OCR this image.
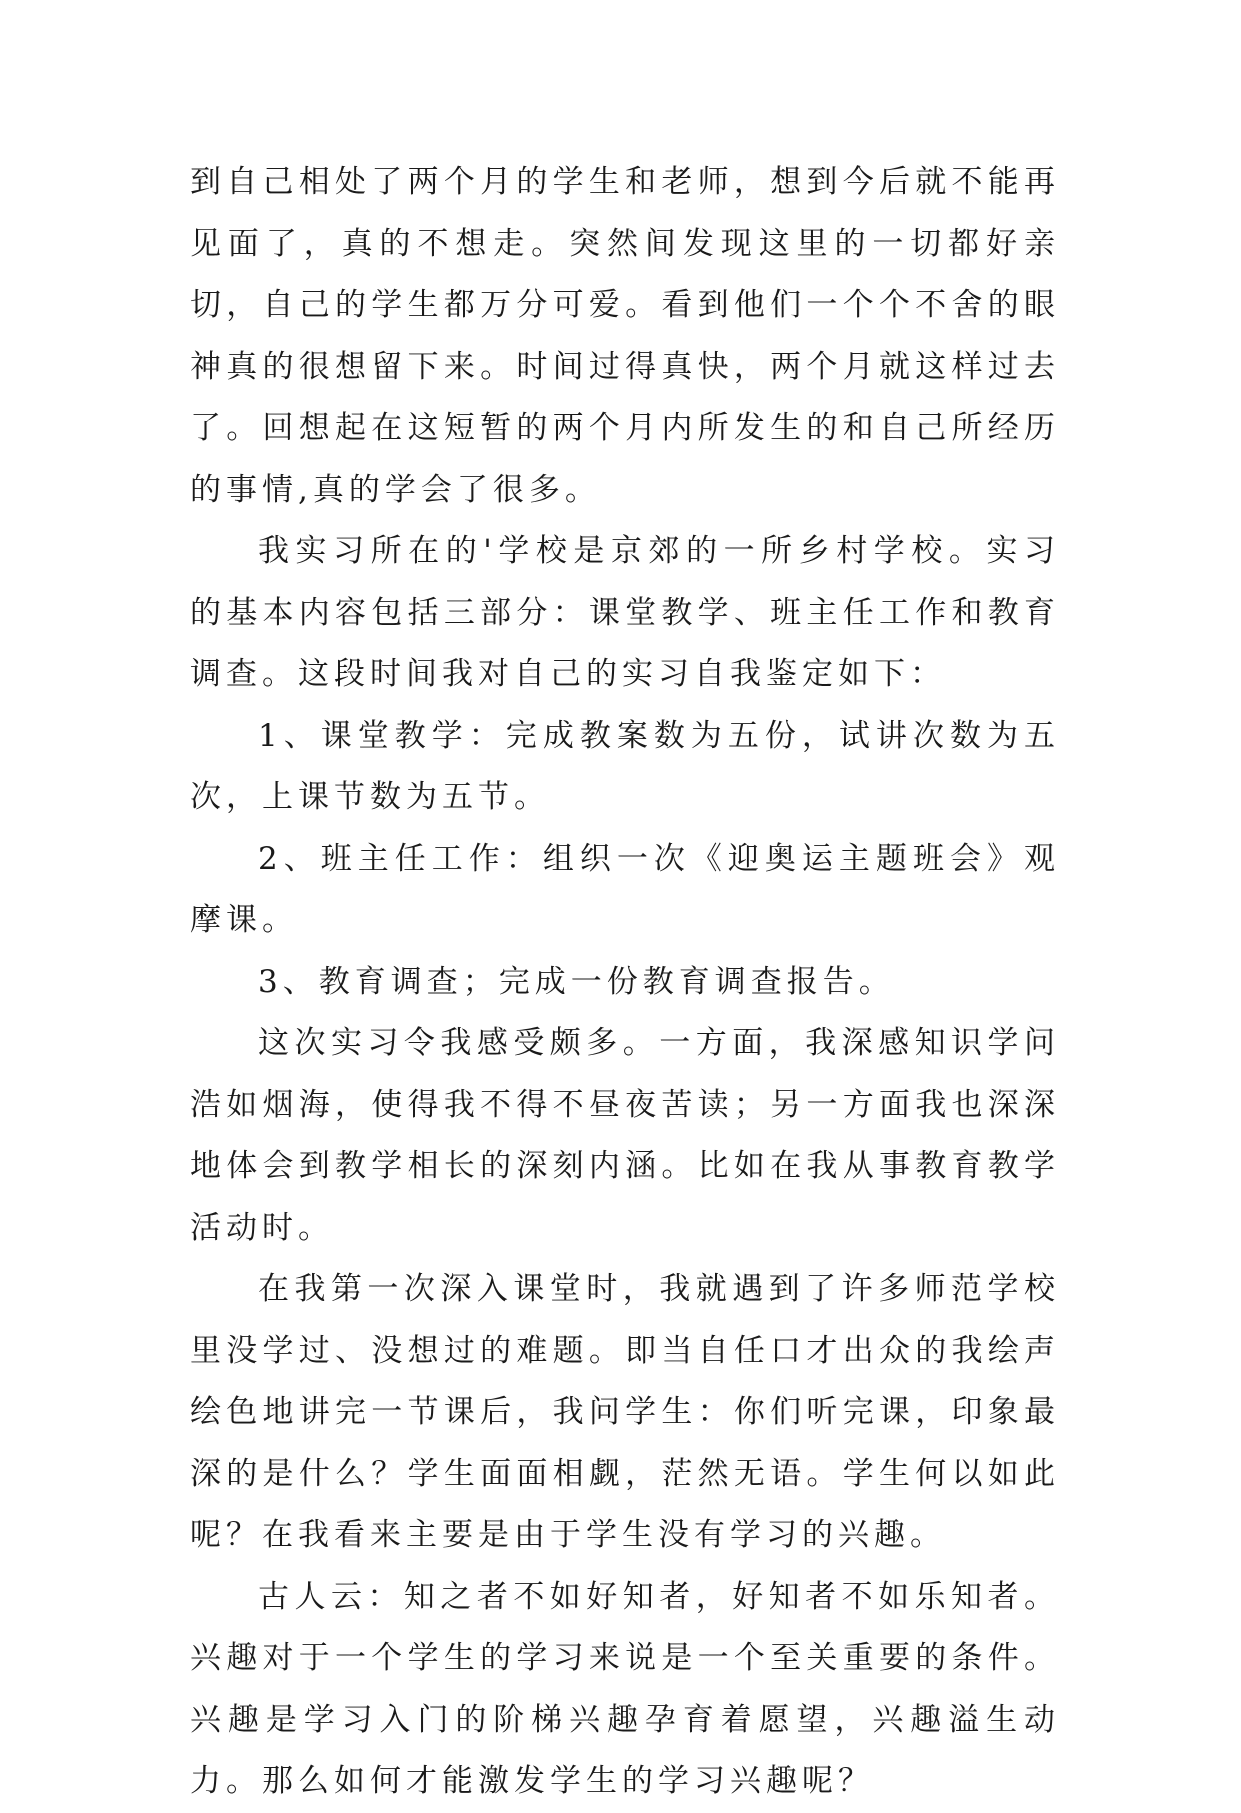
到自己相处了两个月的学生和老师，想到今后就不能再见面了，真的不想走。突然间发现这里的一切都好亲切，自己的学生都万分可爱。看到他们一个个不舍的眼神真的很想留下来。时间过得真快，两个月就这样过去了。回想起在这短暂的两个月内所发生的和自己所经历的事情,真的学会了很多。

我实习所在的'学校是京郊的一所乡村学校。实习的基本内容包括三部分：课堂教学、班主任工作和教育调查。这段时间我对自己的实习自我鉴定如下：

1、课堂教学：完成教案数为五份，试讲次数为五次，上课节数为五节。

2、班主任工作：组织一次《迎奥运主题班会》观摩课。

3、教育调查；完成一份教育调查报告。

这次实习令我感受颇多。一方面，我深感知识学问浩如烟海，使得我不得不昼夜苦读；另一方面我也深深地体会到教学相长的深刻内涵。比如在我从事教育教学活动时。

在我第一次深入课堂时，我就遇到了许多师范学校里没学过、没想过的难题。即当自任口才出众的我绘声绘色地讲完一节课后，我问学生：你们听完课，印象最深的是什么？学生面面相觑，茫然无语。学生何以如此呢？在我看来主要是由于学生没有学习的兴趣。

古人云：知之者不如好知者，好知者不如乐知者。兴趣对于一个学生的学习来说是一个至关重要的条件。兴趣是学习入门的阶梯兴趣孕育着愿望，兴趣溢生动力。那么如何才能激发学生的学习兴趣呢？
